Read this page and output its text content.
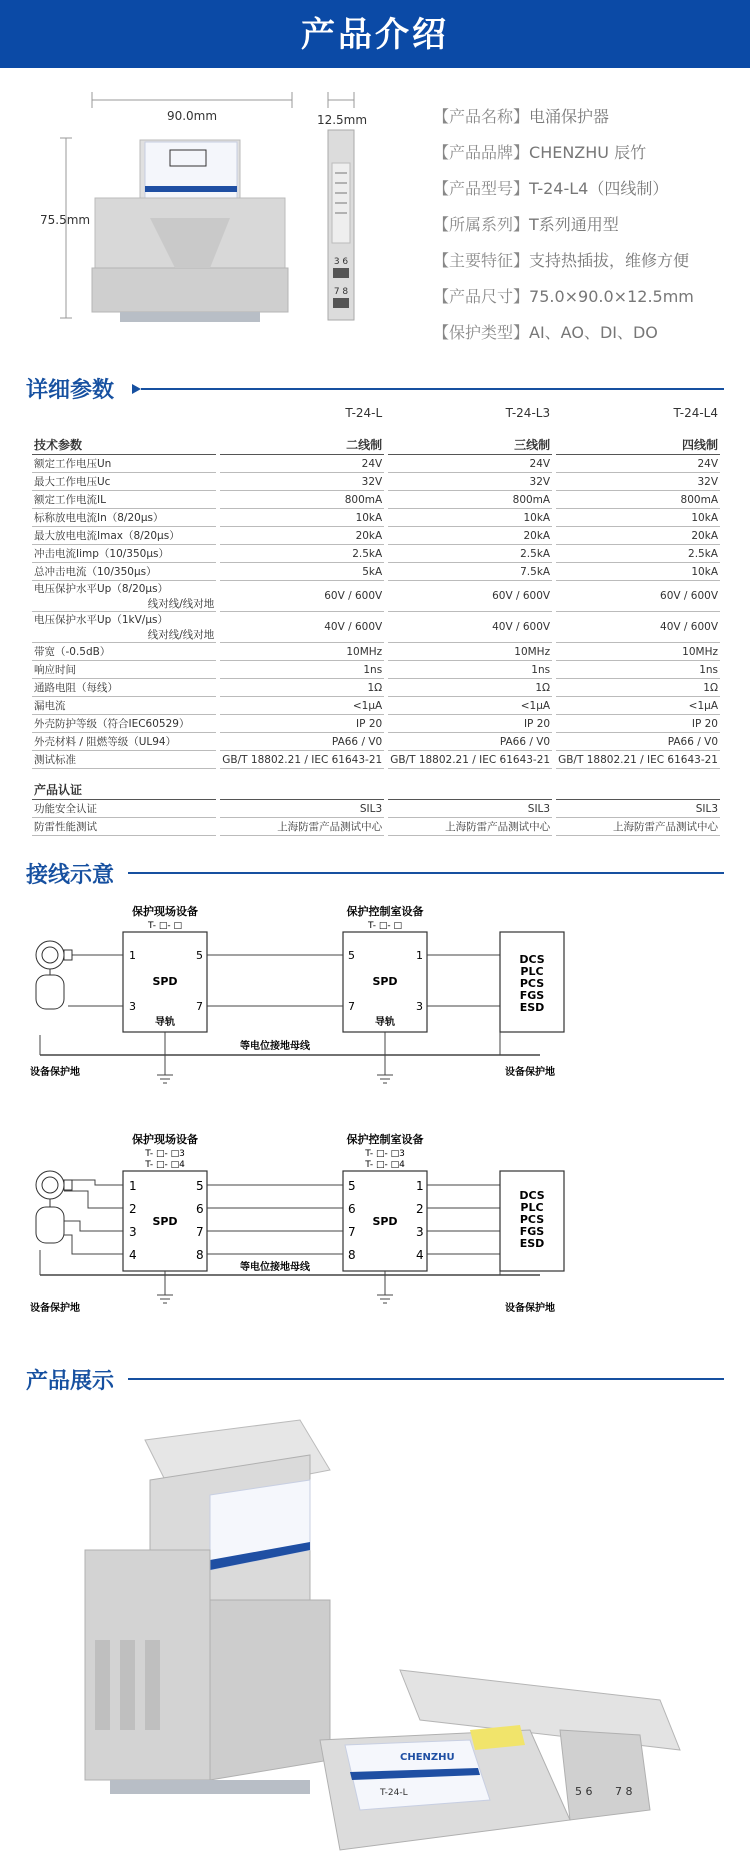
产品介绍
90.0mm
75.5mm
12.5mm
3 6
7 8
【产品名称】电涌保护器
【产品品牌】CHENZHU 辰竹
【产品型号】T-24-L4（四线制）
【所属系列】T系列通用型
【主要特征】支持热插拔，维修方便
【产品尺寸】75.0×90.0×12.5mm
【保护类型】AI、AO、DI、DO
详细参数
	T-24-L	T-24-L3	T-24-L4

技术参数	二线制	三线制	四线制
额定工作电压Un	24V	24V	24V
最大工作电压Uc	32V	32V	32V
额定工作电流IL	800mA	800mA	800mA
标称放电电流In（8/20μs）	10kA	10kA	10kA
最大放电电流Imax（8/20μs）	20kA	20kA	20kA
冲击电流Iimp（10/350μs）	2.5kA	2.5kA	2.5kA
总冲击电流（10/350μs）	5kA	7.5kA	10kA
电压保护水平Up（8/20μs）
线对线/线对地	60V / 600V	60V / 600V	60V / 600V
电压保护水平Up（1kV/μs）
线对线/线对地	40V / 600V	40V / 600V	40V / 600V
带宽（-0.5dB）	10MHz	10MHz	10MHz
响应时间	1ns	1ns	1ns
通路电阻（每线）	1Ω	1Ω	1Ω
漏电流	<1μA	<1μA	<1μA
外壳防护等级（符合IEC60529）	IP 20	IP 20	IP 20
外壳材料 / 阻燃等级（UL94）	PA66 / V0	PA66 / V0	PA66 / V0
测试标准	GB/T 18802.21 / IEC 61643-21	GB/T 18802.21 / IEC 61643-21	GB/T 18802.21 / IEC 61643-21

产品认证			
功能安全认证	SIL3	SIL3	SIL3
防雷性能测试	上海防雷产品测试中心	上海防雷产品测试中心	上海防雷产品测试中心
接线示意
保护现场设备
T- □- □
保护控制室设备
T- □- □
SPD	SPD
导轨	导轨
1
3
5
7
5
7
1
3
等电位接地母线
设备保护地	设备保护地
DCS
PLC
PCS
FGS
ESD
保护现场设备
T- □- □3
T- □- □4
保护控制室设备
T- □- □3
T- □- □4
SPD	SPD
1
2
3
4
5
6
7
8
5
6
7
8
1
2
3
4
等电位接地母线
设备保护地	设备保护地
DCS
PLC
PCS
FGS
ESD
产品展示
CHENZHU
T-24-L	5 6 7 8
